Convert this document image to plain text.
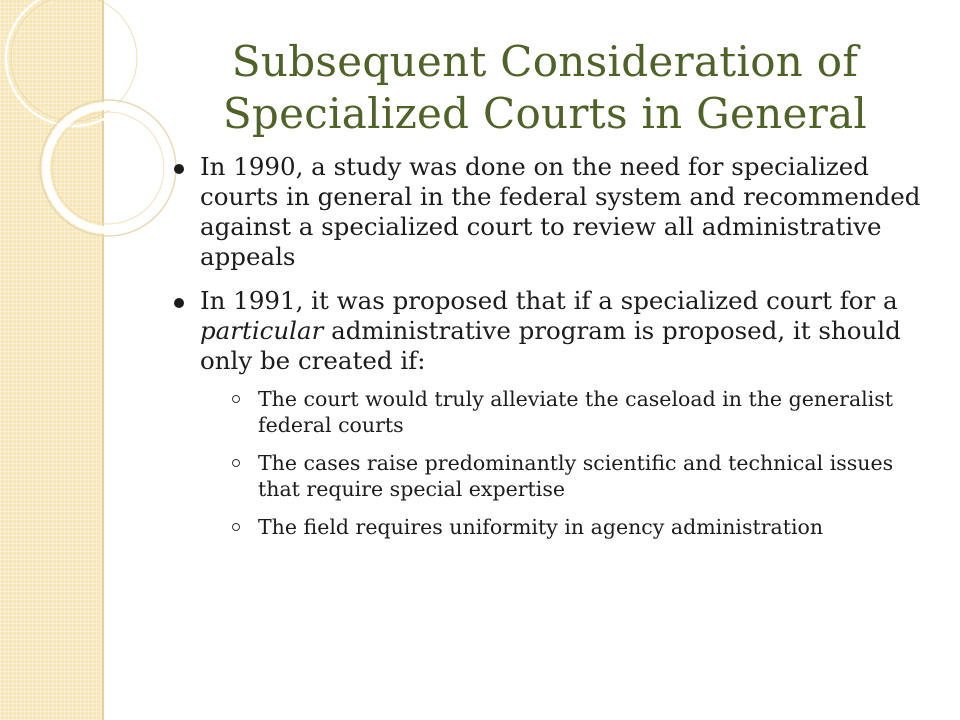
Subsequent Consideration of
Specialized Courts in General
In 1990, a study was done on the need for specialized courts in general in the federal system and recommended against a specialized court to review all administrative appeals
In 1991, it was proposed that if a specialized court for a particular administrative program is proposed, it should only be created if:
The court would truly alleviate the caseload in the generalist federal courts
The cases raise predominantly scientific and technical issues that require special expertise
The field requires uniformity in agency administration
